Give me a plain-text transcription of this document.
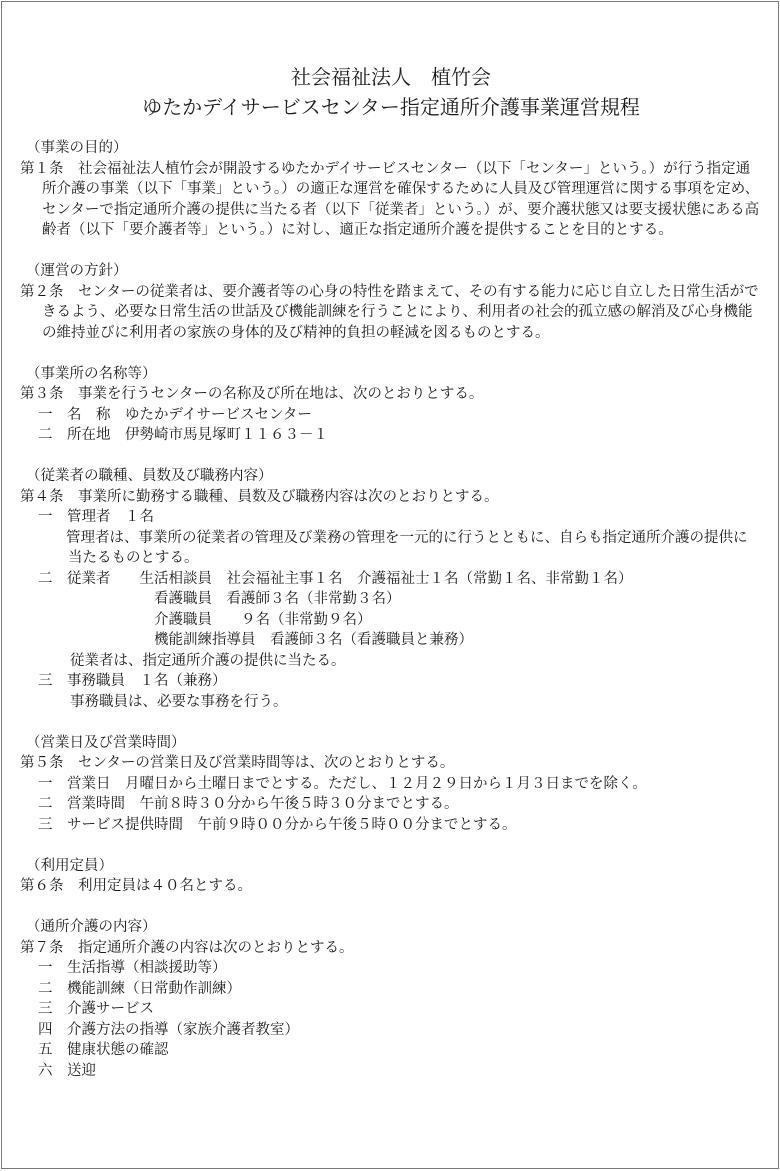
社会福祉法人　植竹会
ゆたかデイサービスセンター指定通所介護事業運営規程
（事業の目的）
第１条　社会福祉法人植竹会が開設するゆたかデイサービスセンター（以下「センター」という。）が行う指定通所介護の事業（以下「事業」という。）の適正な運営を確保するために人員及び管理運営に関する事項を定め、センターで指定通所介護の提供に当たる者（以下「従業者」という。）が、要介護状態又は要支援状態にある高齢者（以下「要介護者等」という。）に対し、適正な指定通所介護を提供することを目的とする。
（運営の方針）
第２条　センターの従業者は、要介護者等の心身の特性を踏まえて、その有する能力に応じ自立した日常生活ができるよう、必要な日常生活の世話及び機能訓練を行うことにより、利用者の社会的孤立感の解消及び心身機能の維持並びに利用者の家族の身体的及び精神的負担の軽減を図るものとする。
（事業所の名称等）
第３条　事業を行うセンターの名称及び所在地は、次のとおりとする。
一　名　称　ゆたかデイサービスセンター
二　所在地　伊勢崎市馬見塚町１１６３－１
（従業者の職種、員数及び職務内容）
第４条　事業所に勤務する職種、員数及び職務内容は次のとおりとする。
一　管理者　１名
管理者は、事業所の従業者の管理及び業務の管理を一元的に行うとともに、自らも指定通所介護の提供に当たるものとする。
二　従業者　　生活相談員　社会福祉主事１名　介護福祉士１名（常勤１名、非常勤１名）
看護職員　看護師３名（非常勤３名）
介護職員　　９名（非常勤９名）
機能訓練指導員　看護師３名（看護職員と兼務）
従業者は、指定通所介護の提供に当たる。
三　事務職員　１名（兼務）
事務職員は、必要な事務を行う。
（営業日及び営業時間）
第５条　センターの営業日及び営業時間等は、次のとおりとする。
一　営業日　月曜日から土曜日までとする。ただし、１２月２９日から１月３日までを除く。
二　営業時間　午前８時３０分から午後５時３０分までとする。
三　サービス提供時間　午前９時００分から午後５時００分までとする。
（利用定員）
第６条　利用定員は４０名とする。
（通所介護の内容）
第７条　指定通所介護の内容は次のとおりとする。
一　生活指導（相談援助等）
二　機能訓練（日常動作訓練）
三　介護サービス
四　介護方法の指導（家族介護者教室）
五　健康状態の確認
六　送迎
